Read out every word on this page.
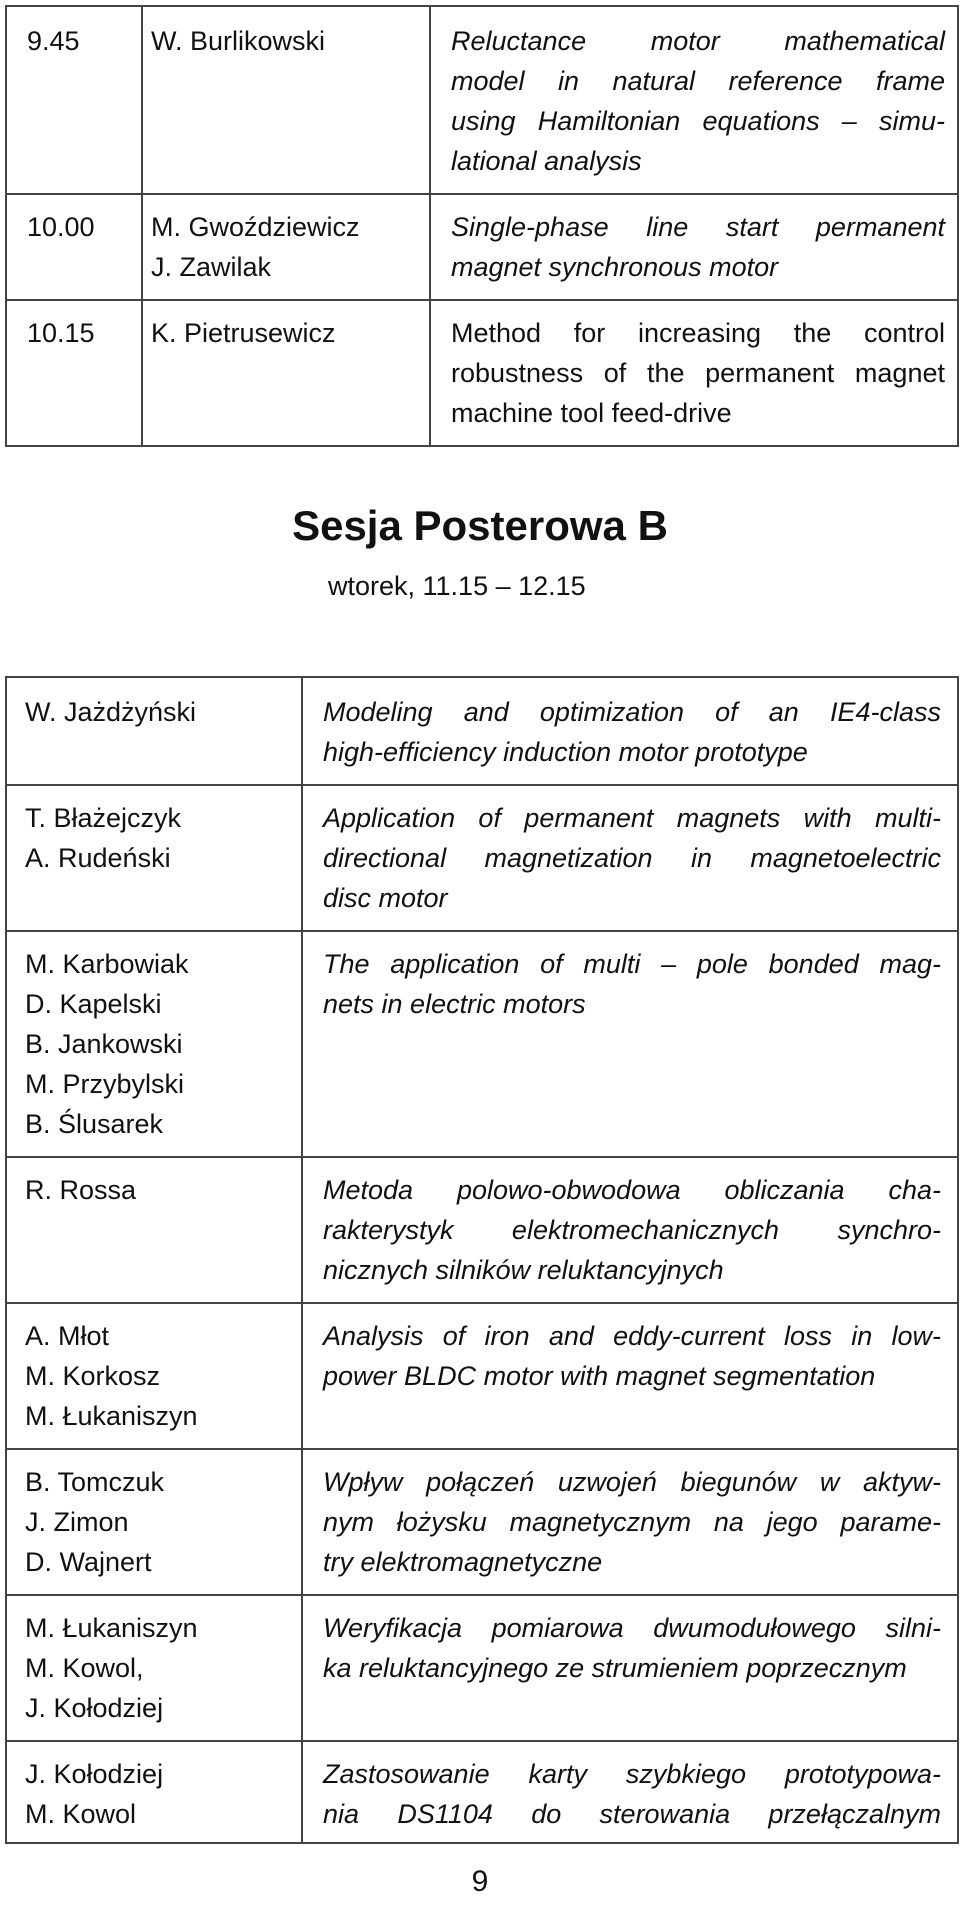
9.45	W. Burlikowski	Reluctance motor mathematical
model in natural reference frame
using Hamiltonian equations – simu-
lational analysis

10.00	M. Gwoździewicz
J. Zawilak	Single-phase line start permanent
magnet synchronous motor

10.15	K. Pietrusewicz	Method for increasing the control
robustness of the permanent magnet
machine tool feed-drive
Sesja Posterowa B
wtorek, 11.15 – 12.15
W. Jażdżyński	Modeling and optimization of an IE4-class
high-efficiency induction motor prototype

T. Błażejczyk
A. Rudeński	Application of permanent magnets with multi-
directional magnetization in magnetoelectric
disc motor

M. Karbowiak
D. Kapelski
B. Jankowski
M. Przybylski
B. Ślusarek	The application of multi – pole bonded mag-
nets in electric motors

R. Rossa	Metoda polowo-obwodowa obliczania cha-
rakterystyk elektromechanicznych synchro-
nicznych silników reluktancyjnych

A. Młot
M. Korkosz
M. Łukaniszyn	Analysis of iron and eddy-current loss in low-
power BLDC motor with magnet segmentation

B. Tomczuk
J. Zimon
D. Wajnert	Wpływ połączeń uzwojeń biegunów w aktyw-
nym łożysku magnetycznym na jego parame-
try elektromagnetyczne

M. Łukaniszyn
M. Kowol,
J. Kołodziej	Weryfikacja pomiarowa dwumodułowego silni-
ka reluktancyjnego ze strumieniem poprzecznym

J. Kołodziej
M. Kowol	Zastosowanie karty szybkiego prototypowa-
nia DS1104 do sterowania przełączalnym
9
